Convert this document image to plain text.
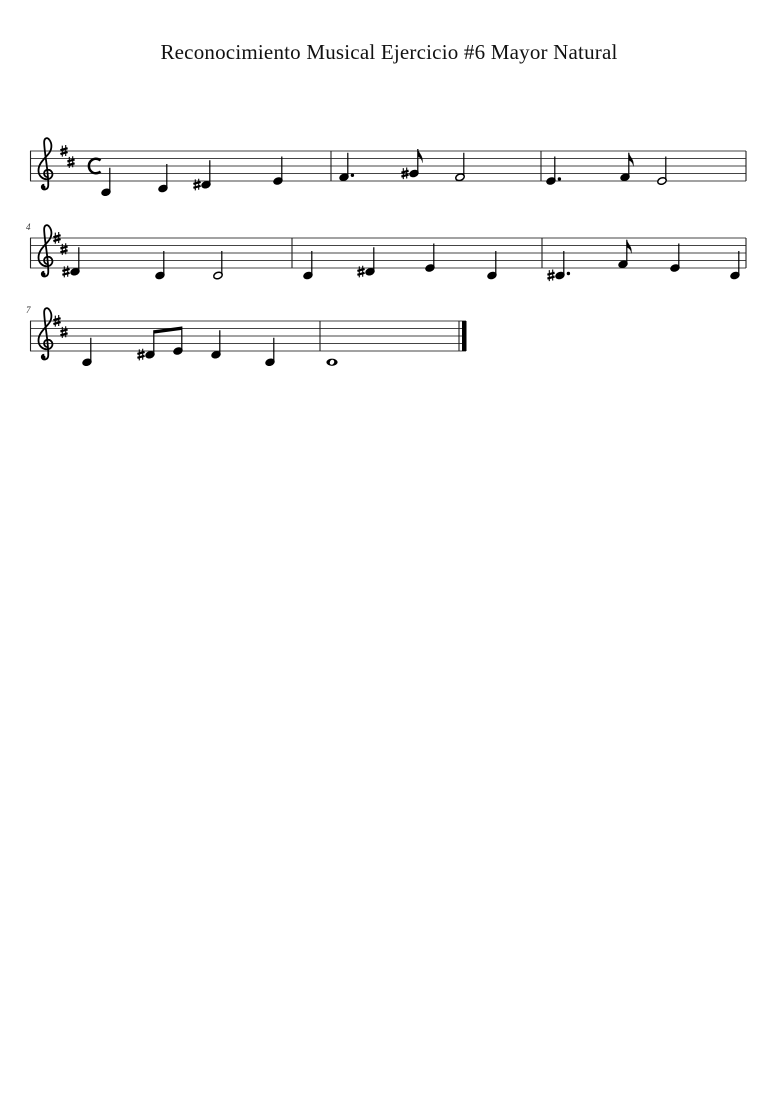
Reconocimiento Musical Ejercicio #6 Mayor Natural
4
7
